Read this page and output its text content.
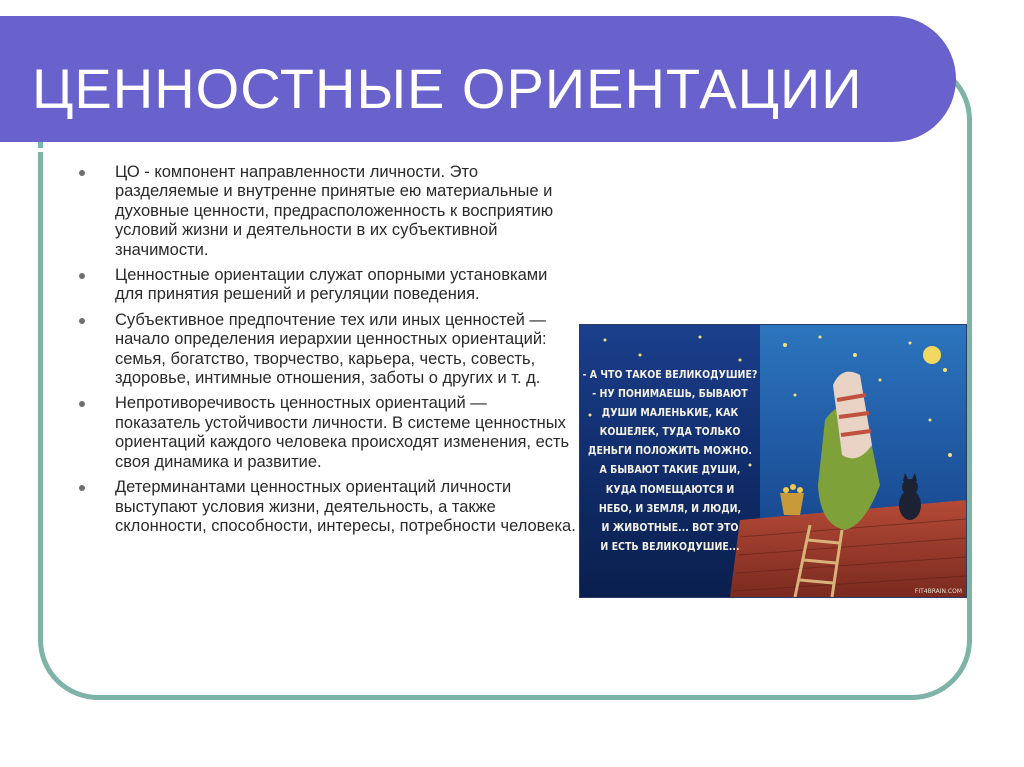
ЦЕННОСТНЫЕ ОРИЕНТАЦИИ
ЦО - компонент направленности личности. Это разделяемые и внутренне принятые ею материальные и духовные ценности, предрасположенность к восприятию условий жизни и деятельности в их субъективной значимости.
Ценностные ориентации служат опорными установками для принятия решений и регуляции поведения.
Субъективное предпочтение тех или иных ценностей — начало определения иерархии ценностных ориентаций: семья, богатство, творчество, карьера, честь, совесть, здоровье, интимные отношения, заботы о других и т. д.
Непротиворечивость ценностных ориентаций — показатель устойчивости личности. В системе ценностных ориентаций каждого человека происходят изменения, есть своя динамика и развитие.
Детерминантами ценностных ориентаций личности выступают условия жизни, деятельность, а также склонности, способности, интересы, потребности человека.
- А ЧТО ТАКОЕ ВЕЛИКОДУШИЕ?
- НУ ПОНИМАЕШЬ, БЫВАЮТ
ДУШИ МАЛЕНЬКИЕ, КАК
КОШЕЛЕК, ТУДА ТОЛЬКО
ДЕНЬГИ ПОЛОЖИТЬ МОЖНО.
А БЫВАЮТ ТАКИЕ ДУШИ,
КУДА ПОМЕЩАЮТСЯ И
НЕБО, И ЗЕМЛЯ, И ЛЮДИ,
И ЖИВОТНЫЕ... ВОТ ЭТО
И ЕСТЬ ВЕЛИКОДУШИЕ...
FIT4BRAIN.COM
